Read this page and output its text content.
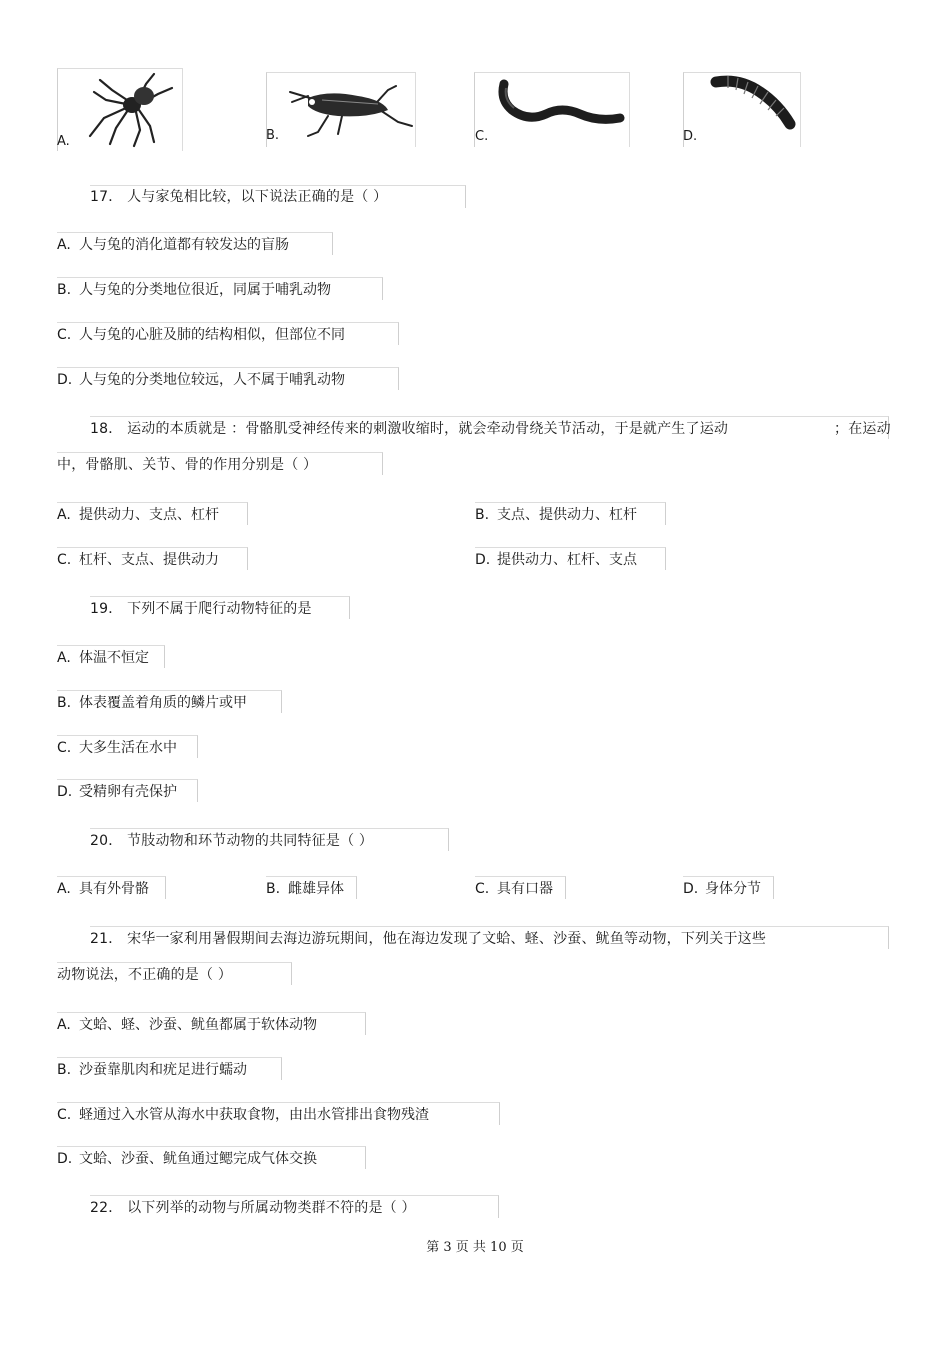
A.	B.	C.	D.
17． 人与家兔相比较，以下说法正确的是（ ）
A. 人与兔的消化道都有较发达的盲肠
B. 人与兔的分类地位很近，同属于哺乳动物
C. 人与兔的心脏及肺的结构相似，但部位不同
D. 人与兔的分类地位较远，人不属于哺乳动物
18． 运动的本质就是 ：骨骼肌受神经传来的刺激收缩时，就会牵动骨绕关节活动，于是就产生了运动	；在运动
中，骨骼肌、关节、骨的作用分别是（ ）
A. 提供动力、支点、杠杆	B. 支点、提供动力、杠杆
C. 杠杆、支点、提供动力	D. 提供动力、杠杆、支点
19． 下列不属于爬行动物特征的是
A. 体温不恒定
B. 体表覆盖着角质的鳞片或甲
C. 大多生活在水中
D. 受精卵有壳保护
20． 节肢动物和环节动物的共同特征是（ ）
A. 具有外骨骼	B. 雌雄异体	C. 具有口器	D. 身体分节
21． 宋华一家利用暑假期间去海边游玩期间，他在海边发现了文蛤、蛏、沙蚕、鱿鱼等动物，下列关于这些
动物说法，不正确的是（ ）
A. 文蛤、蛏、沙蚕、鱿鱼都属于软体动物
B. 沙蚕靠肌肉和疣足进行蠕动
C. 蛏通过入水管从海水中获取食物，由出水管排出食物残渣
D. 文蛤、沙蚕、鱿鱼通过鳃完成气体交换
22． 以下列举的动物与所属动物类群不符的是（ ）
第 3 页 共 10 页
